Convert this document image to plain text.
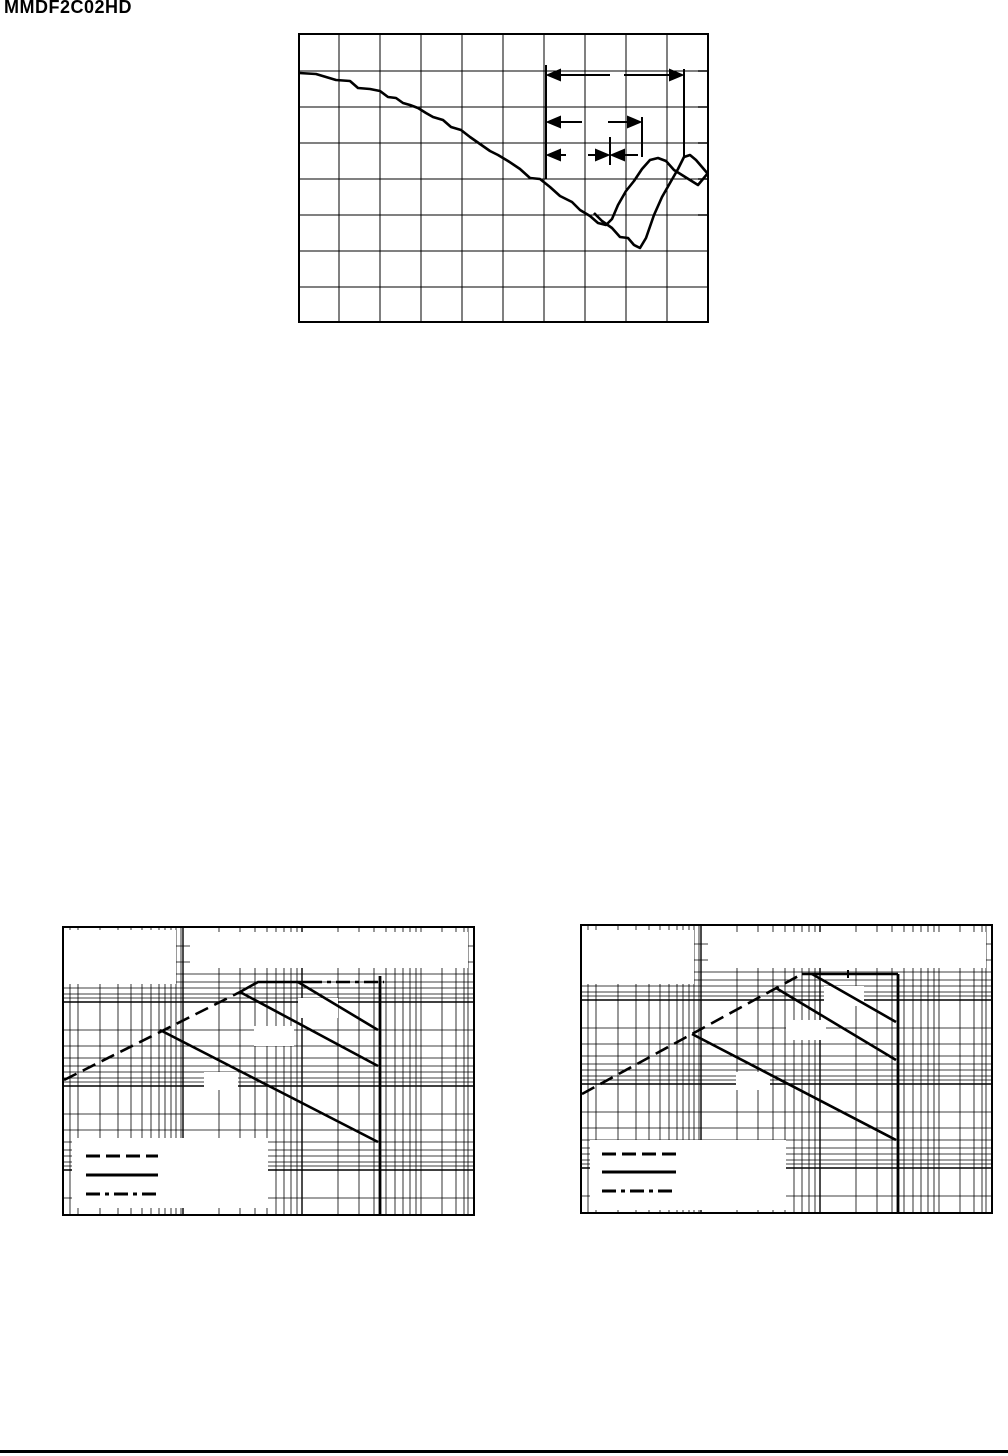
MMDF2C02HD
